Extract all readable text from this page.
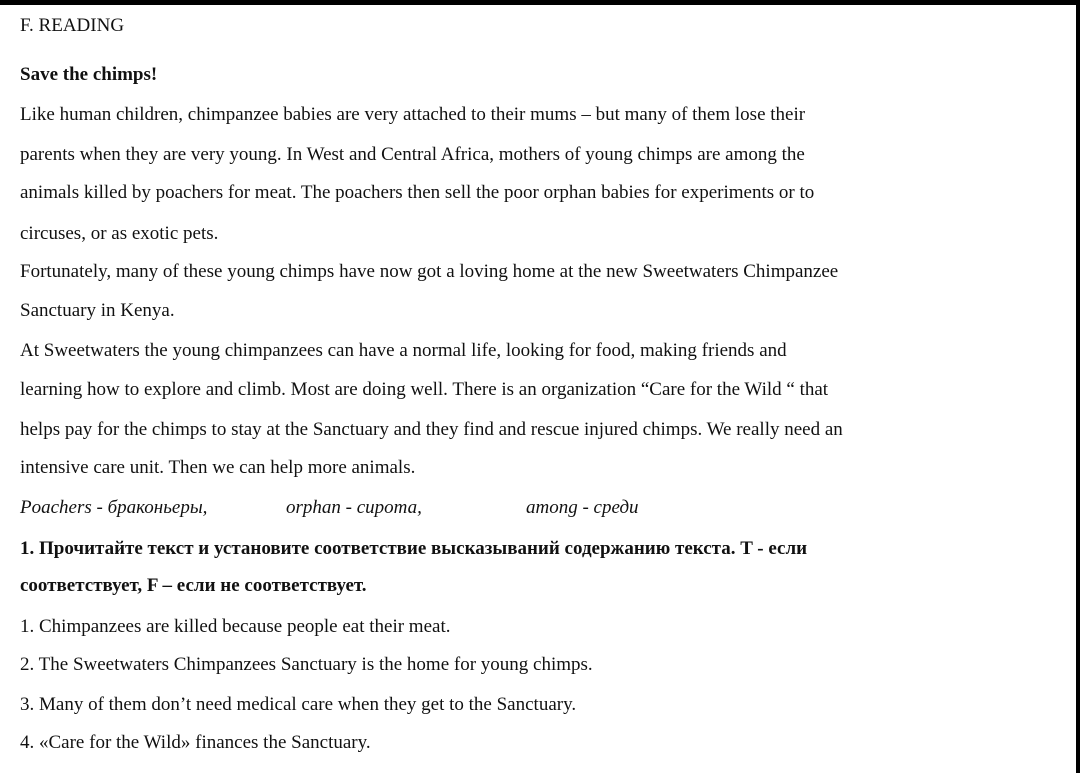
F. READING
Save the chimps!
Like human children, chimpanzee babies are very attached to their mums – but many of them lose their
parents when they are very young. In West and Central Africa, mothers of young chimps are among the
animals killed by poachers for meat. The poachers then sell the poor orphan babies for experiments or to
circuses, or as exotic pets.
Fortunately, many of these young chimps have now got a loving home at the new Sweetwaters Chimpanzee
Sanctuary in Kenya.
At Sweetwaters the young chimpanzees can have a normal life, looking for food, making friends and
learning how to explore and climb. Most are doing well. There is an organization “Care for the Wild “ that
helps pay for the chimps to stay at the Sanctuary and they find and rescue injured chimps. We really need an
intensive care unit. Then we can help more animals.
Poachers - браконьеры,	orphan - сирота,	among - среди
1. Прочитайте текст и установите соответствие высказываний содержанию текста. T - если
соответствует, F – если не соответствует.
1. Chimpanzees are killed because people eat their meat.
2. The Sweetwaters Chimpanzees Sanctuary is the home for young chimps.
3. Many of them don’t need medical care when they get to the Sanctuary.
4. «Care for the Wild» finances the Sanctuary.
